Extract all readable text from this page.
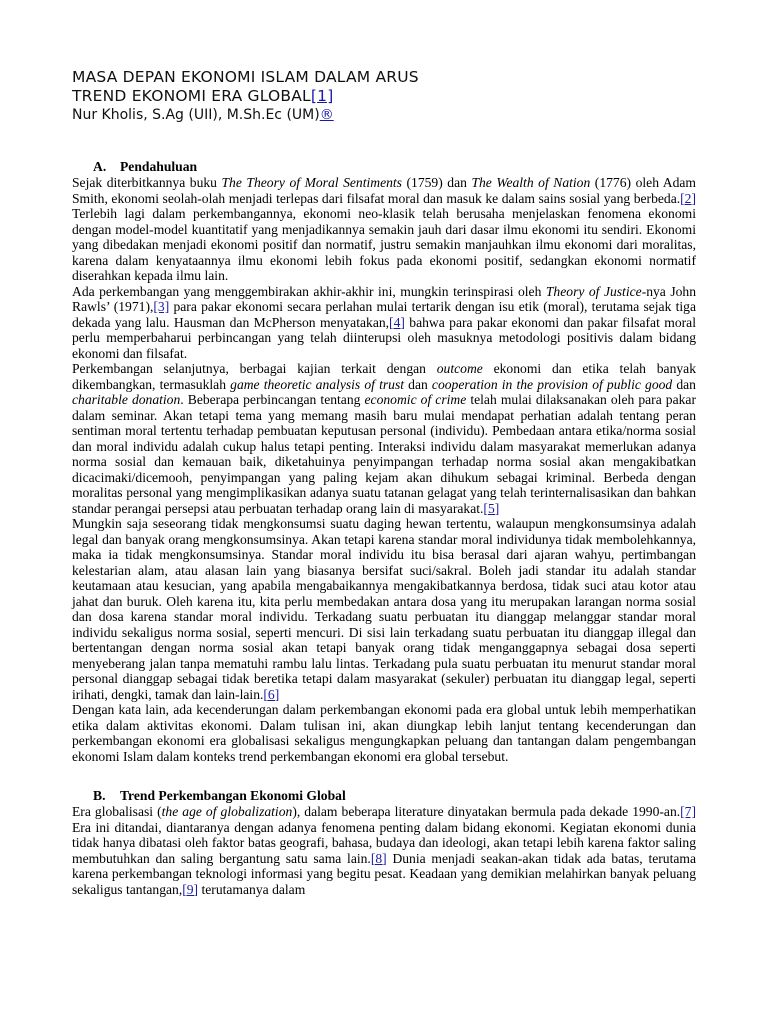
MASA DEPAN EKONOMI ISLAM DALAM ARUS
TREND EKONOMI ERA GLOBAL[1]
Nur Kholis, S.Ag (UII), M.Sh.Ec (UM)®
A. Pendahuluan

Sejak diterbitkannya buku The Theory of Moral Sentiments (1759) dan The Wealth of Nation (1776) oleh Adam Smith, ekonomi seolah-olah menjadi terlepas dari filsafat moral dan masuk ke dalam sains sosial yang berbeda.[2] Terlebih lagi dalam perkembangannya, ekonomi neo-klasik telah berusaha menjelaskan fenomena ekonomi dengan model-model kuantitatif yang menjadikannya semakin jauh dari dasar ilmu ekonomi itu sendiri. Ekonomi yang dibedakan menjadi ekonomi positif dan normatif, justru semakin manjauhkan ilmu ekonomi dari moralitas, karena dalam kenyataannya ilmu ekonomi lebih fokus pada ekonomi positif, sedangkan ekonomi normatif diserahkan kepada ilmu lain.

Ada perkembangan yang menggembirakan akhir-akhir ini, mungkin terinspirasi oleh Theory of Justice-nya John Rawls’ (1971),[3] para pakar ekonomi secara perlahan mulai tertarik dengan isu etik (moral), terutama sejak tiga dekada yang lalu. Hausman dan McPherson menyatakan,[4] bahwa para pakar ekonomi dan pakar filsafat moral perlu memperbaharui perbincangan yang telah diinterupsi oleh masuknya metodologi positivis dalam bidang ekonomi dan filsafat.

Perkembangan selanjutnya, berbagai kajian terkait dengan outcome ekonomi dan etika telah banyak dikembangkan, termasuklah game theoretic analysis of trust dan cooperation in the provision of public good dan charitable donation. Beberapa perbincangan tentang economic of crime telah mulai dilaksanakan oleh para pakar dalam seminar. Akan tetapi tema yang memang masih baru mulai mendapat perhatian adalah tentang peran sentiman moral tertentu terhadap pembuatan keputusan personal (individu). Pembedaan antara etika/norma sosial dan moral individu adalah cukup halus tetapi penting. Interaksi individu dalam masyarakat memerlukan adanya norma sosial dan kemauan baik, diketahuinya penyimpangan terhadap norma sosial akan mengakibatkan dicacimaki/dicemooh, penyimpangan yang paling kejam akan dihukum sebagai kriminal. Berbeda dengan moralitas personal yang mengimplikasikan adanya suatu tatanan gelagat yang telah terinternalisasikan dan bahkan standar perangai persepsi atau perbuatan terhadap orang lain di masyarakat.[5]

Mungkin saja seseorang tidak mengkonsumsi suatu daging hewan tertentu, walaupun mengkonsumsinya adalah legal dan banyak orang mengkonsumsinya. Akan tetapi karena standar moral individunya tidak membolehkannya, maka ia tidak mengkonsumsinya. Standar moral individu itu bisa berasal dari ajaran wahyu, pertimbangan kelestarian alam, atau alasan lain yang biasanya bersifat suci/sakral. Boleh jadi standar itu adalah standar keutamaan atau kesucian, yang apabila mengabaikannya mengakibatkannya berdosa, tidak suci atau kotor atau jahat dan buruk. Oleh karena itu, kita perlu membedakan antara dosa yang itu merupakan larangan norma sosial dan dosa karena standar moral individu. Terkadang suatu perbuatan itu dianggap melanggar standar moral individu sekaligus norma sosial, seperti mencuri. Di sisi lain terkadang suatu perbuatan itu dianggap illegal dan bertentangan dengan norma sosial akan tetapi banyak orang tidak menganggapnya sebagai dosa seperti menyeberang jalan tanpa mematuhi rambu lalu lintas. Terkadang pula suatu perbuatan itu menurut standar moral personal dianggap sebagai tidak beretika tetapi dalam masyarakat (sekuler) perbuatan itu dianggap legal, seperti irihati, dengki, tamak dan lain-lain.[6]

Dengan kata lain, ada kecenderungan dalam perkembangan ekonomi pada era global untuk lebih memperhatikan etika dalam aktivitas ekonomi. Dalam tulisan ini, akan diungkap lebih lanjut tentang kecenderungan dan perkembangan ekonomi era globalisasi sekaligus mengungkapkan peluang dan tantangan dalam pengembangan ekonomi Islam dalam konteks trend perkembangan ekonomi era global tersebut.

B. Trend Perkembangan Ekonomi Global

Era globalisasi (the age of globalization), dalam beberapa literature dinyatakan bermula pada dekade 1990-an.[7] Era ini ditandai, diantaranya dengan adanya fenomena penting dalam bidang ekonomi. Kegiatan ekonomi dunia tidak hanya dibatasi oleh faktor batas geografi, bahasa, budaya dan ideologi, akan tetapi lebih karena faktor saling membutuhkan dan saling bergantung satu sama lain.[8] Dunia menjadi seakan-akan tidak ada batas, terutama karena perkembangan teknologi informasi yang begitu pesat. Keadaan yang demikian melahirkan banyak peluang sekaligus tantangan,[9] terutamanya dalam
